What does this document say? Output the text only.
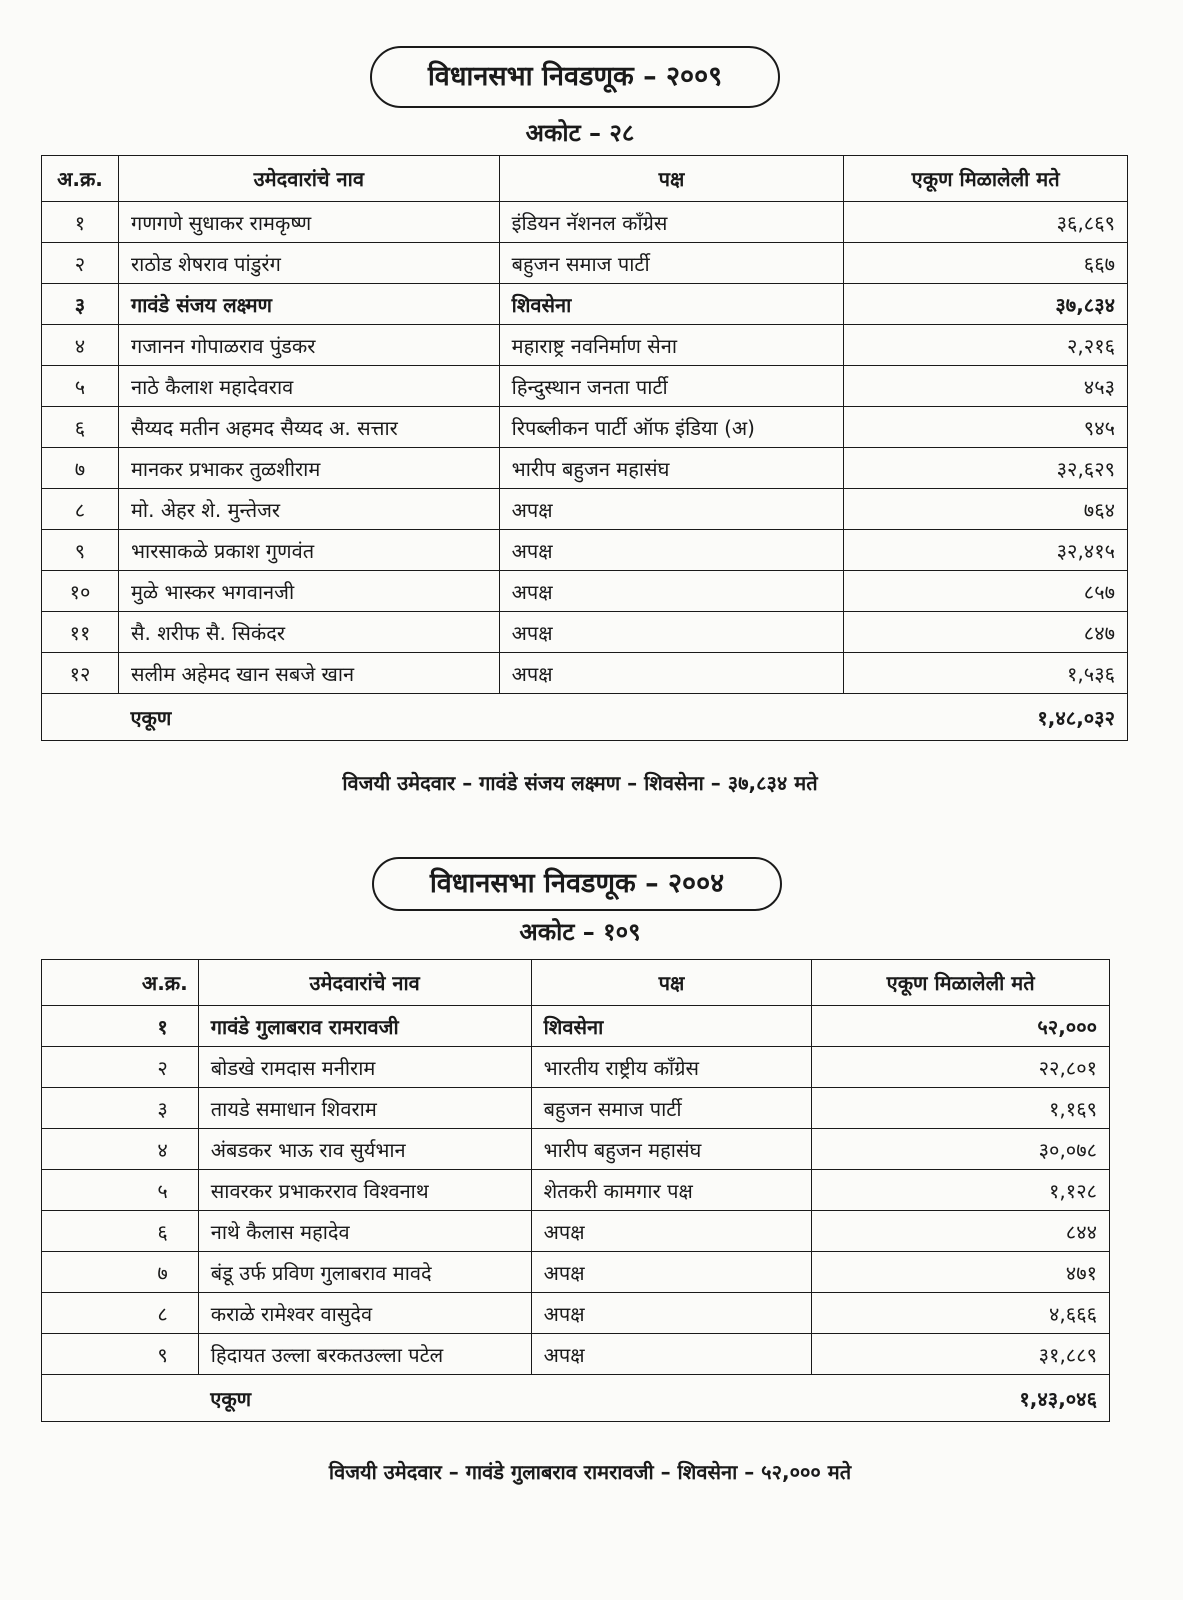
विधानसभा निवडणूक – २००९
अकोट – २८
अ.क्र.	उमेदवारांचे नाव	पक्ष	एकूण मिळालेली मते
१	गणगणे सुधाकर रामकृष्ण	इंडियन नॅशनल कॉंग्रेस	३६,८६९
२	राठोड शेषराव पांडुरंग	बहुजन समाज पार्टी	६६७
३	गावंडे संजय लक्ष्मण	शिवसेना	३७,८३४
४	गजानन गोपाळराव पुंडकर	महाराष्ट्र नवनिर्माण सेना	२,२१६
५	नाठे कैलाश महादेवराव	हिन्दुस्थान जनता पार्टी	४५३
६	सैय्यद मतीन अहमद सैय्यद अ. सत्तार	रिपब्लीकन पार्टी ऑफ इंडिया (अ)	९४५
७	मानकर प्रभाकर तुळशीराम	भारीप बहुजन महासंघ	३२,६२९
८	मो. अेहर शे. मुन्तेजर	अपक्ष	७६४
९	भारसाकळे प्रकाश गुणवंत	अपक्ष	३२,४१५
१०	मुळे भास्कर भगवानजी	अपक्ष	८५७
११	सै. शरीफ सै. सिकंदर	अपक्ष	८४७
१२	सलीम अहेमद खान सबजे खान	अपक्ष	१,५३६
	एकूण		१,४८,०३२
विजयी उमेदवार – गावंडे संजय लक्ष्मण – शिवसेना – ३७,८३४ मते
विधानसभा निवडणूक – २००४
अकोट – १०९
अ.क्र.	उमेदवारांचे नाव	पक्ष	एकूण मिळालेली मते
१	गावंडे गुलाबराव रामरावजी	शिवसेना	५२,०००
२	बोडखे रामदास मनीराम	भारतीय राष्ट्रीय कॉंग्रेस	२२,८०१
३	तायडे समाधान शिवराम	बहुजन समाज पार्टी	१,१६९
४	अंबडकर भाऊ राव सुर्यभान	भारीप बहुजन महासंघ	३०,०७८
५	सावरकर प्रभाकरराव विश्वनाथ	शेतकरी कामगार पक्ष	१,१२८
६	नाथे कैलास महादेव	अपक्ष	८४४
७	बंडू उर्फ प्रविण गुलाबराव मावदे	अपक्ष	४७१
८	कराळे रामेश्वर वासुदेव	अपक्ष	४,६६६
९	हिदायत उल्ला बरकतउल्ला पटेल	अपक्ष	३१,८८९
	एकूण		१,४३,०४६
विजयी उमेदवार – गावंडे गुलाबराव रामरावजी – शिवसेना – ५२,००० मते
